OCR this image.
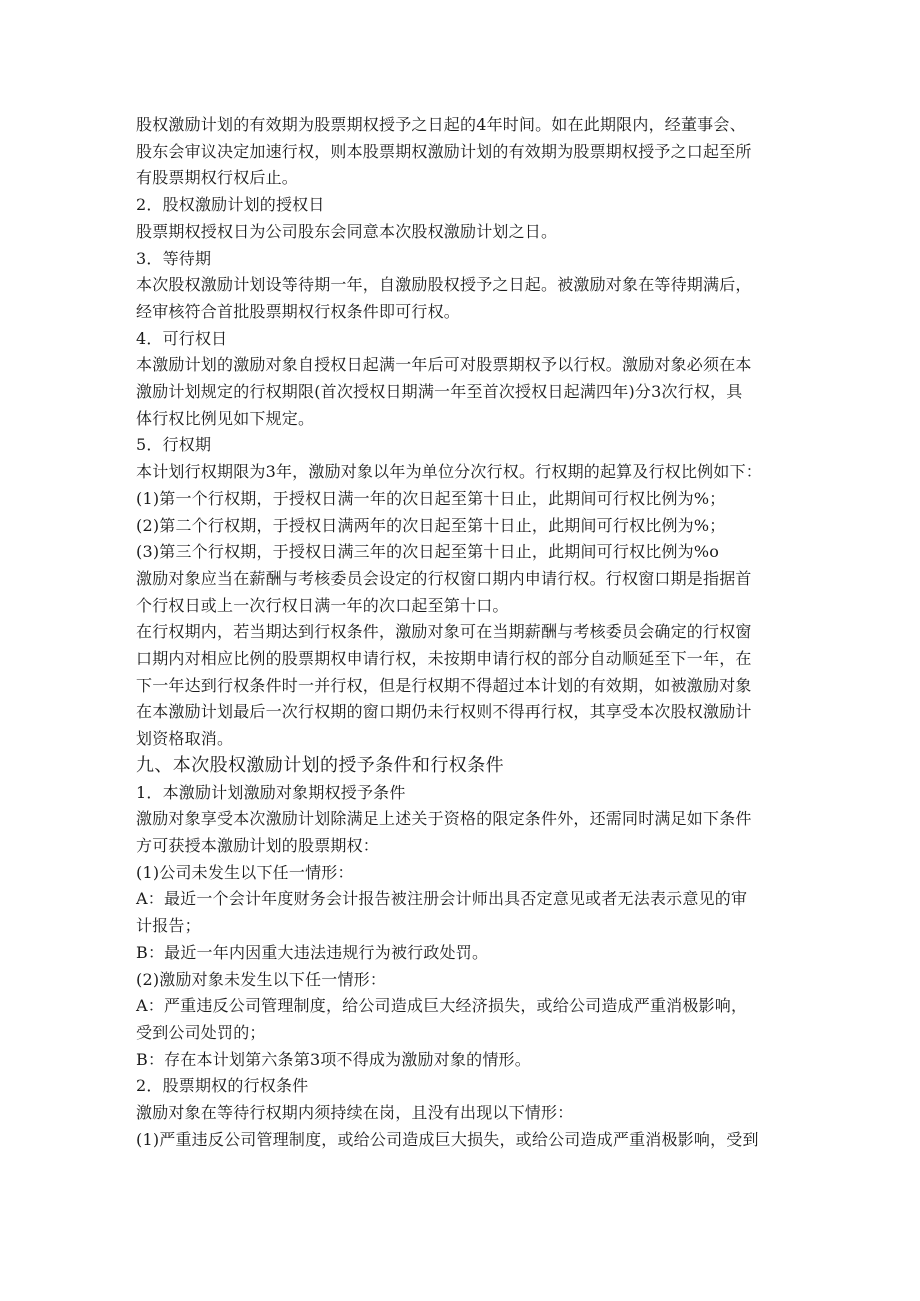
股权激励计划的有效期为股票期权授予之日起的4年时间。如在此期限内，经董事会、
股东会审议决定加速行权，则本股票期权激励计划的有效期为股票期权授予之口起至所
有股票期权行权后止。
2．股权激励计划的授权日
股票期权授权日为公司股东会同意本次股权激励计划之日。
3．等待期
本次股权激励计划设等待期一年，自激励股权授予之日起。被激励对象在等待期满后，
经审核符合首批股票期权行权条件即可行权。
4．可行权日
本激励计划的激励对象自授权日起满一年后可对股票期权予以行权。激励对象必须在本
激励计划规定的行权期限(首次授权日期满一年至首次授权日起满四年)分3次行权，具
体行权比例见如下规定。
5．行权期
本计划行权期限为3年，激励对象以年为单位分次行权。行权期的起算及行权比例如下：
(1)第一个行权期，于授权日满一年的次日起至第十日止，此期间可行权比例为%；
(2)第二个行权期，于授权日满两年的次日起至第十日止，此期间可行权比例为%；
(3)第三个行权期，于授权日满三年的次日起至第十日止，此期间可行权比例为%o
激励对象应当在薪酬与考核委员会设定的行权窗口期内申请行权。行权窗口期是指据首
个行权日或上一次行权日满一年的次口起至第十口。
在行权期内，若当期达到行权条件，激励对象可在当期薪酬与考核委员会确定的行权窗
口期内对相应比例的股票期权申请行权，未按期申请行权的部分自动顺延至下一年，在
下一年达到行权条件时一并行权，但是行权期不得超过本计划的有效期，如被激励对象
在本激励计划最后一次行权期的窗口期仍未行权则不得再行权，其享受本次股权激励计
划资格取消。
九、本次股权激励计划的授予条件和行权条件
1．本激励计划激励对象期权授予条件
激励对象享受本次激励计划除满足上述关于资格的限定条件外，还需同时满足如下条件
方可获授本激励计划的股票期权：
(1)公司未发生以下任一情形：
A：最近一个会计年度财务会计报告被注册会计师出具否定意见或者无法表示意见的审
计报告；
B：最近一年内因重大违法违规行为被行政处罚。
(2)激励对象未发生以下任一情形：
A：严重违反公司管理制度，给公司造成巨大经济损失，或给公司造成严重消极影响，
受到公司处罚的；
B：存在本计划第六条第3项不得成为激励对象的情形。
2．股票期权的行权条件
激励对象在等待行权期内须持续在岗，且没有出现以下情形：
(1)严重违反公司管理制度，或给公司造成巨大损失，或给公司造成严重消极影响，受到
